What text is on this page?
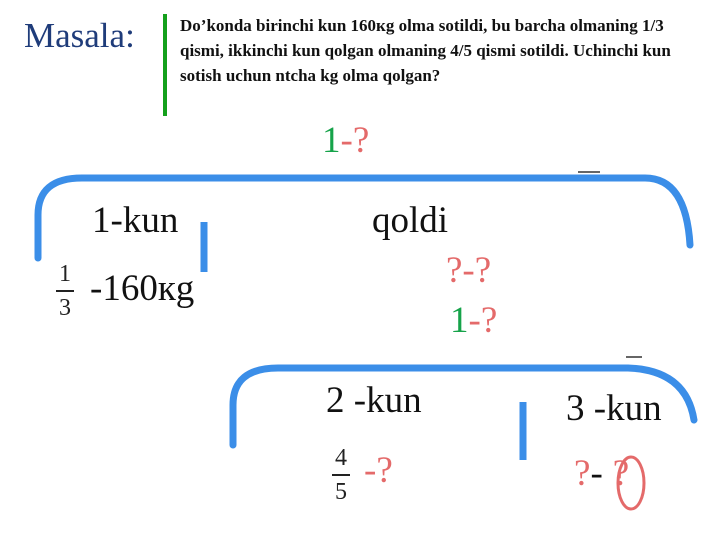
Masala:	Do’konda birinchi kun 160кg olma sotildi, bu barcha olmaning 1/3 qismi, ikkinchi kun qolgan olmaning 4/5 qismi sotildi. Uchinchi kun sotish uchun ntcha kg olma qolgan?
1-?
1-kun	qoldi
1
3 -160кg	?-?
1-?
2 -kun	3 -kun
4
5
-?	?- ?
